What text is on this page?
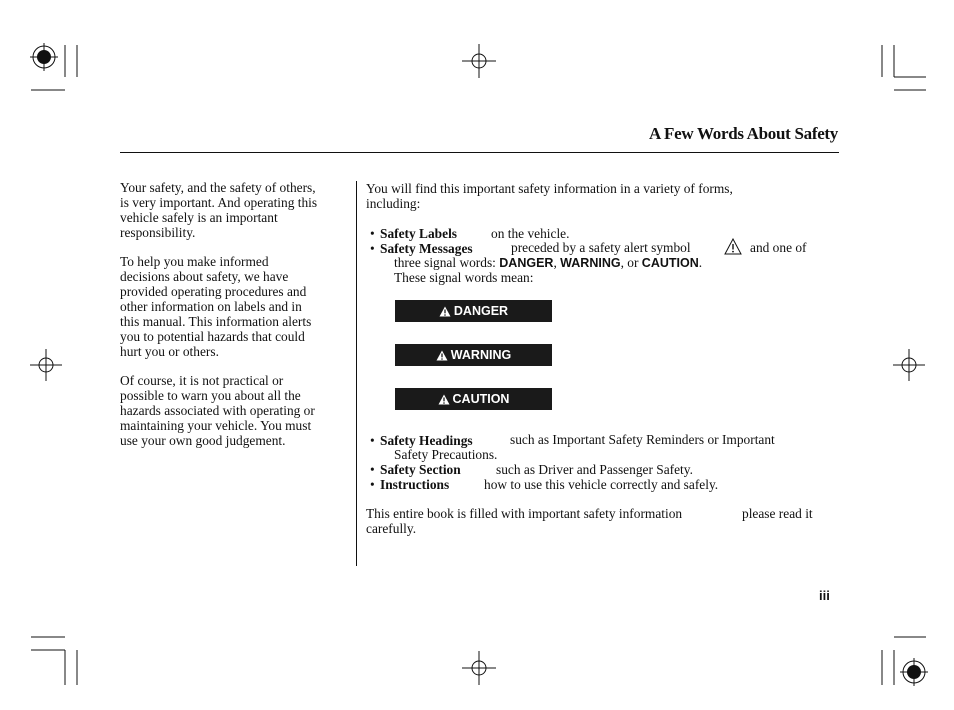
A Few Words About Safety

Your safety, and the safety of others,
is very important. And operating this
vehicle safely is an important
responsibility.

To help you make informed
decisions about safety, we have
provided operating procedures and
other information on labels and in
this manual. This information alerts
you to potential hazards that could
hurt you or others.

Of course, it is not practical or
possible to warn you about all the
hazards associated with operating or
maintaining your vehicle. You must
use your own good judgement.

You will find this important safety information in a variety of forms,
including:
• Safety Labels	on the vehicle.
• Safety Messages	preceded by a safety alert symbol	and one of
three signal words: DANGER, WARNING, or CAUTION.
These signal words mean:
DANGER
WARNING
CAUTION
• Safety Headings	such as Important Safety Reminders or Important
Safety Precautions.
• Safety Section	such as Driver and Passenger Safety.
• Instructions	how to use this vehicle correctly and safely.
This entire book is filled with important safety information	please read it
carefully.
iii
